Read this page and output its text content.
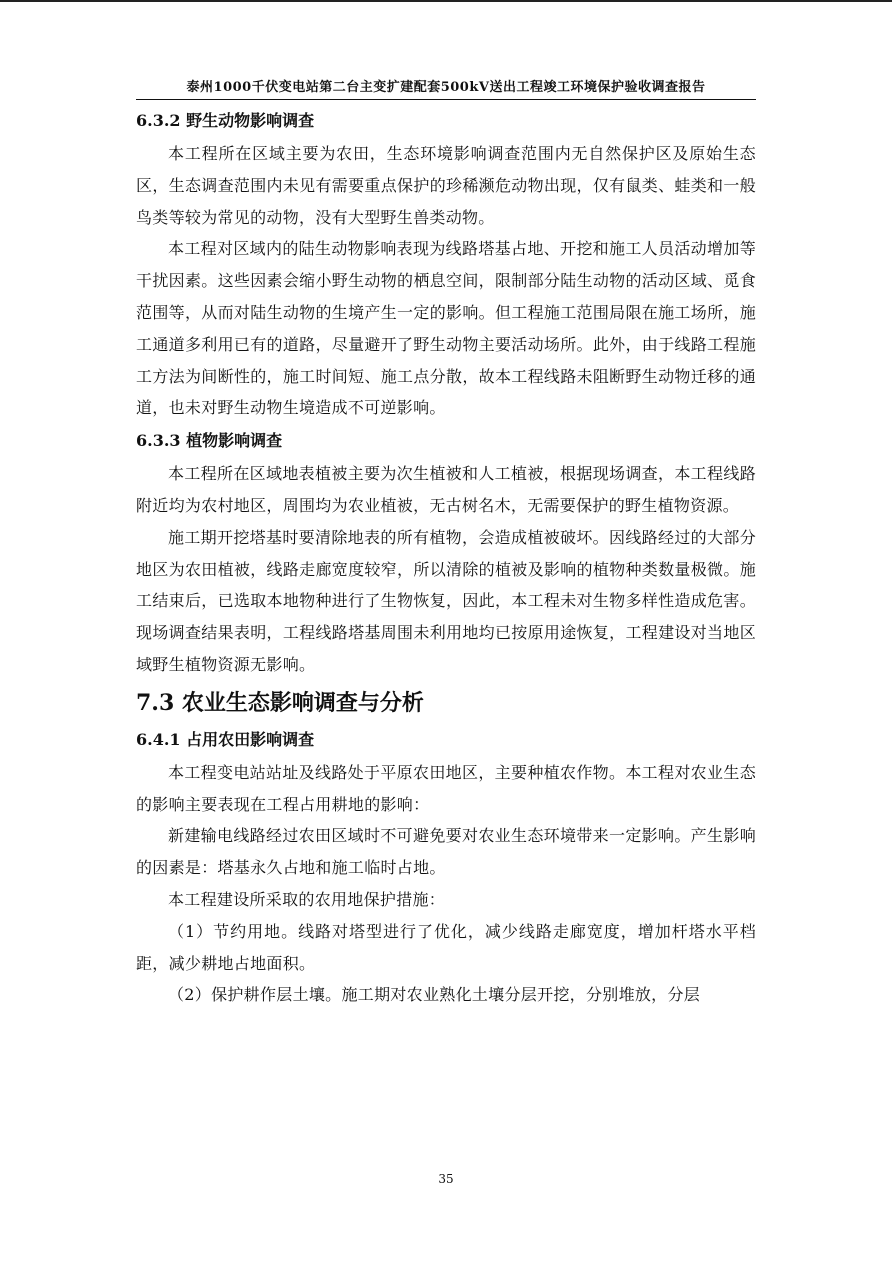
泰州1000千伏变电站第二台主变扩建配套500kV送出工程竣工环境保护验收调查报告
6.3.2 野生动物影响调查

本工程所在区域主要为农田，生态环境影响调查范围内无自然保护区及原始生态区，生态调查范围内未见有需要重点保护的珍稀濒危动物出现，仅有鼠类、蛙类和一般鸟类等较为常见的动物，没有大型野生兽类动物。

本工程对区域内的陆生动物影响表现为线路塔基占地、开挖和施工人员活动增加等干扰因素。这些因素会缩小野生动物的栖息空间，限制部分陆生动物的活动区域、觅食范围等，从而对陆生动物的生境产生一定的影响。但工程施工范围局限在施工场所，施工通道多利用已有的道路，尽量避开了野生动物主要活动场所。此外，由于线路工程施工方法为间断性的，施工时间短、施工点分散，故本工程线路未阻断野生动物迁移的通道，也未对野生动物生境造成不可逆影响。

6.3.3 植物影响调查

本工程所在区域地表植被主要为次生植被和人工植被，根据现场调查，本工程线路附近均为农村地区，周围均为农业植被，无古树名木，无需要保护的野生植物资源。

施工期开挖塔基时要清除地表的所有植物，会造成植被破坏。因线路经过的大部分地区为农田植被，线路走廊宽度较窄，所以清除的植被及影响的植物种类数量极微。施工结束后，已选取本地物种进行了生物恢复，因此，本工程未对生物多样性造成危害。现场调查结果表明，工程线路塔基周围未利用地均已按原用途恢复，工程建设对当地区域野生植物资源无影响。

7.3 农业生态影响调查与分析
6.4.1 占用农田影响调查

本工程变电站站址及线路处于平原农田地区，主要种植农作物。本工程对农业生态的影响主要表现在工程占用耕地的影响：

新建输电线路经过农田区域时不可避免要对农业生态环境带来一定影响。产生影响的因素是：塔基永久占地和施工临时占地。

本工程建设所采取的农用地保护措施：

（1）节约用地。线路对塔型进行了优化，减少线路走廊宽度，增加杆塔水平档距，减少耕地占地面积。

（2）保护耕作层土壤。施工期对农业熟化土壤分层开挖，分别堆放，分层

35
